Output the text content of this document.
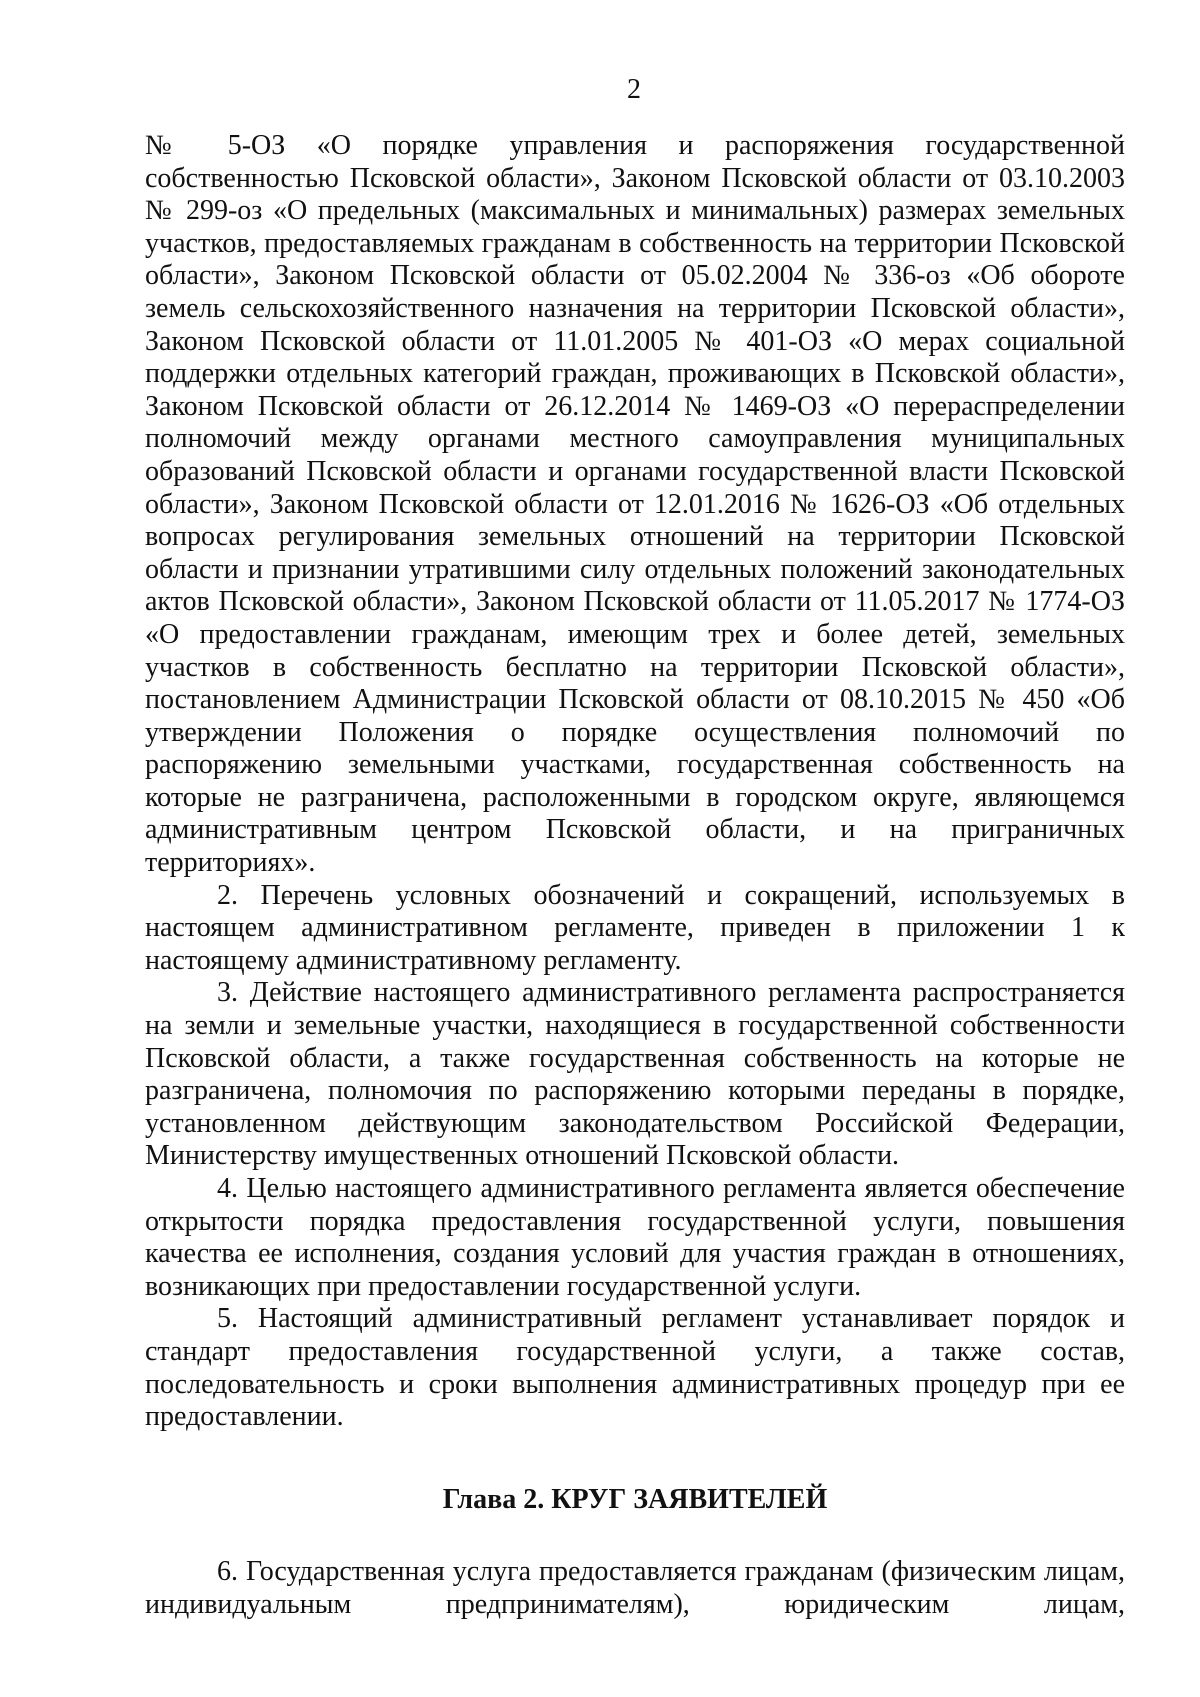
2

№ 5-ОЗ «О порядке управления и распоряжения государственной собственностью Псковской области», Законом Псковской области от 03.10.2003 № 299-оз «О предельных (максимальных и минимальных) размерах земельных участков, предоставляемых гражданам в собственность на территории Псковской области», Законом Псковской области от 05.02.2004 № 336-оз «Об обороте земель сельскохозяйственного назначения на территории Псковской области», Законом Псковской области от 11.01.2005 № 401-ОЗ «О мерах социальной поддержки отдельных категорий граждан, проживающих в Псковской области», Законом Псковской области от 26.12.2014 № 1469-ОЗ «О перераспределении полномочий между органами местного самоуправления муниципальных образований Псковской области и органами государственной власти Псковской области», Законом Псковской области от 12.01.2016 № 1626-ОЗ «Об отдельных вопросах регулирования земельных отношений на территории Псковской области и признании утратившими силу отдельных положений законодательных актов Псковской области», Законом Псковской области от 11.05.2017 № 1774-ОЗ «О предоставлении гражданам, имеющим трех и более детей, земельных участков в собственность бесплатно на территории Псковской области», постановлением Администрации Псковской области от 08.10.2015 № 450 «Об утверждении Положения о порядке осуществления полномочий по распоряжению земельными участками, государственная собственность на которые не разграничена, расположенными в городском округе, являющемся административным центром Псковской области, и на приграничных территориях».

2. Перечень условных обозначений и сокращений, используемых в настоящем административном регламенте, приведен в приложении 1 к настоящему административному регламенту.

3. Действие настоящего административного регламента распространяется на земли и земельные участки, находящиеся в государственной собственности Псковской области, а также государственная собственность на которые не разграничена, полномочия по распоряжению которыми переданы в порядке, установленном действующим законодательством Российской Федерации, Министерству имущественных отношений Псковской области.

4. Целью настоящего административного регламента является обеспечение открытости порядка предоставления государственной услуги, повышения качества ее исполнения, создания условий для участия граждан в отношениях, возникающих при предоставлении государственной услуги.

5. Настоящий административный регламент устанавливает порядок и стандарт предоставления государственной услуги, а также состав, последовательность и сроки выполнения административных процедур при ее предоставлении.

Глава 2. КРУГ ЗАЯВИТЕЛЕЙ

6. Государственная услуга предоставляется гражданам (физическим лицам, индивидуальным предпринимателям), юридическим лицам,
